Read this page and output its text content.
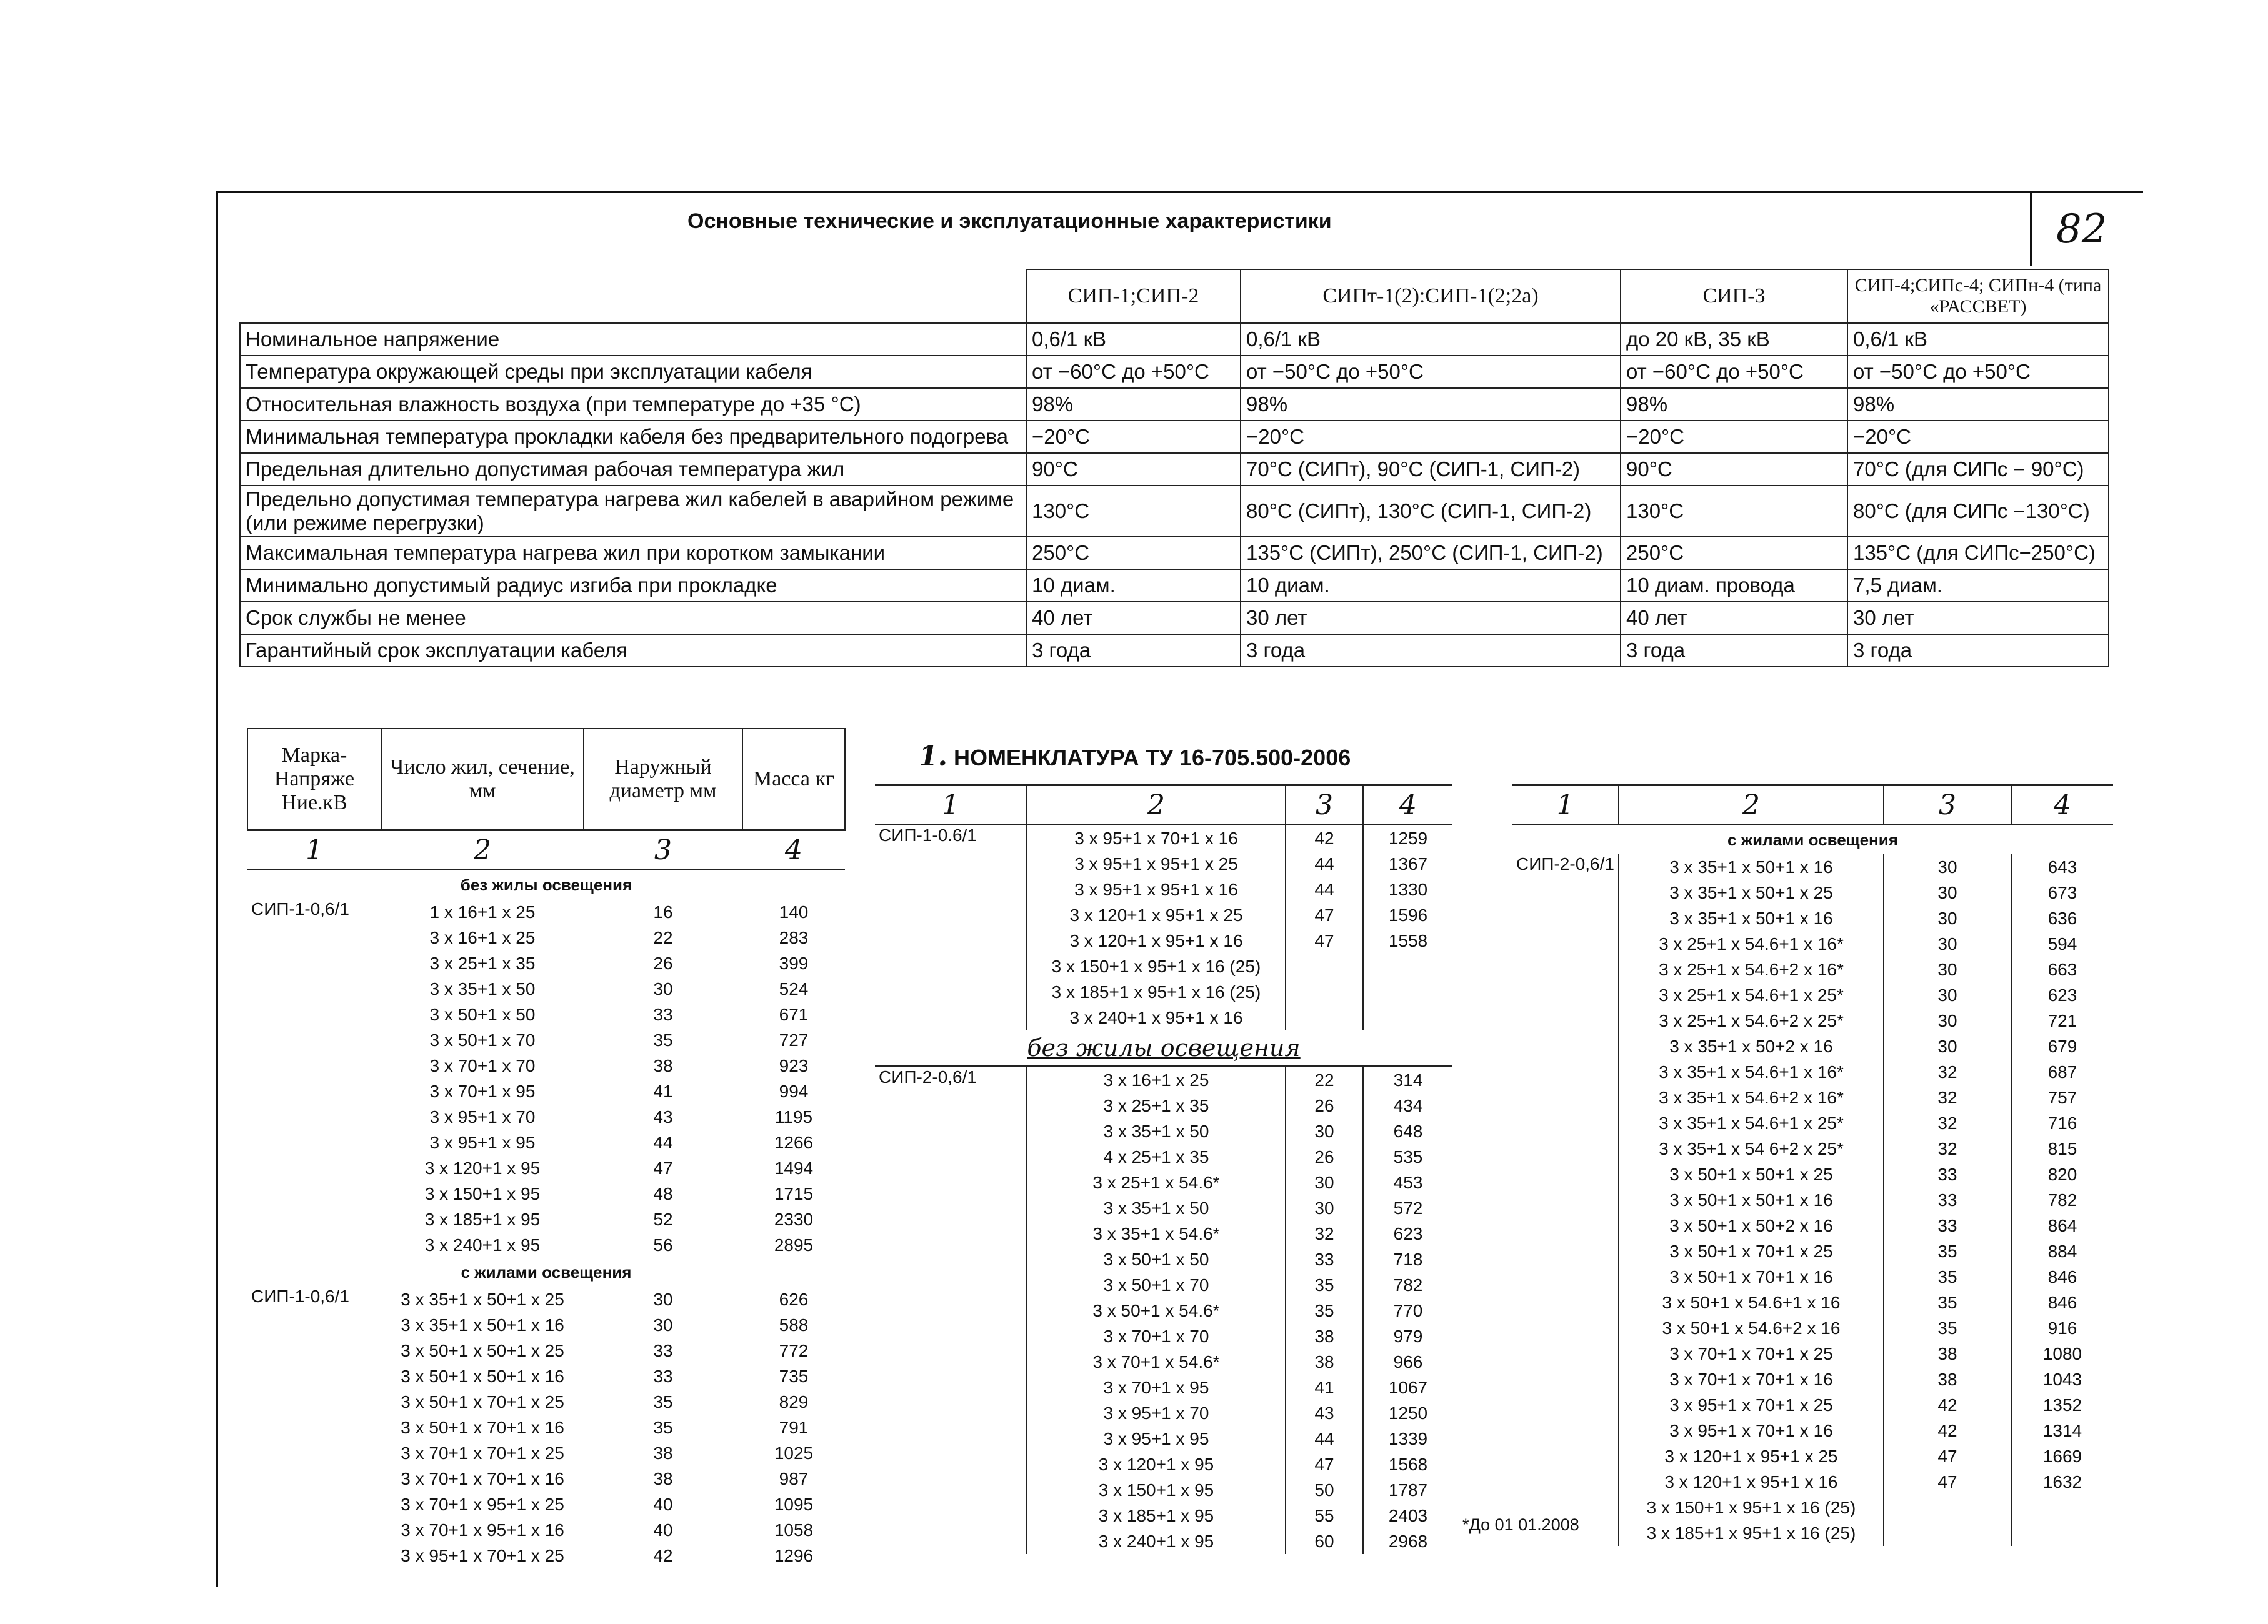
82
Основные технические и эксплуатационные характеристики
	СИП-1;СИП-2	СИПт-1(2):СИП-1(2;2а)	СИП-3	СИП-4;СИПс-4; СИПн-4 (типа «РАССВЕТ)
Номинальное напряжение	0,6/1 кВ	0,6/1 кВ	до 20 кВ, 35 кВ	0,6/1 кВ
Температура окружающей среды при эксплуатации кабеля	от −60°С до +50°С	от −50°С до +50°С	от −60°С до +50°С	от −50°С до +50°С
Относительная влажность воздуха (при температуре до +35 °С)	98%	98%	98%	98%
Минимальная температура прокладки кабеля без предварительного подогрева	−20°С	−20°С	−20°С	−20°С
Предельная длительно допустимая рабочая температура жил	90°С	70°С (СИПт), 90°С (СИП-1, СИП-2)	90°С	70°С (для СИПс − 90°С)
Предельно допустимая температура нагрева жил кабелей в аварийном режиме (или режиме перегрузки)	130°С	80°С (СИПт), 130°С (СИП-1, СИП-2)	130°С	80°С (для СИПс −130°С)
Максимальная температура нагрева жил при коротком замыкании	250°С	135°С (СИПт), 250°С (СИП-1, СИП-2)	250°С	135°С (для СИПс−250°С)
Минимально допустимый радиус изгиба при прокладке	10 диам.	10 диам.	10 диам. провода	7,5 диам.
Срок службы не менее	40 лет	30 лет	40 лет	30 лет
Гарантийный срок эксплуатации кабеля	3 года	3 года	3 года	3 года
1. НОМЕНКЛАТУРА ТУ 16-705.500-2006
Марка-Напряже Ние.кВ	Число жил, сечение, мм	Наружный диаметр мм	Масса кг
1	2	3	4
без жилы освещения			
СИП-1-0,6/1	1 х 16+1 х 25	16	140
	3 х 16+1 х 25	22	283
	3 х 25+1 х 35	26	399
	3 х 35+1 х 50	30	524
	3 х 50+1 х 50	33	671
	3 х 50+1 х 70	35	727
	3 х 70+1 х 70	38	923
	3 х 70+1 х 95	41	994
	3 х 95+1 х 70	43	1195
	3 х 95+1 х 95	44	1266
	3 х 120+1 х 95	47	1494
	3 х 150+1 х 95	48	1715
	3 х 185+1 х 95	52	2330
	3 х 240+1 х 95	56	2895
с жилами освещения			
СИП-1-0,6/1	3 х 35+1 х 50+1 х 25	30	626
	3 х 35+1 х 50+1 х 16	30	588
	3 х 50+1 х 50+1 х 25	33	772
	3 х 50+1 х 50+1 х 16	33	735
	3 х 50+1 х 70+1 х 25	35	829
	3 х 50+1 х 70+1 х 16	35	791
	3 х 70+1 х 70+1 х 25	38	1025
	3 х 70+1 х 70+1 х 16	38	987
	3 х 70+1 х 95+1 х 25	40	1095
	3 х 70+1 х 95+1 х 16	40	1058
	3 х 95+1 х 70+1 х 25	42	1296
1	2	3	4
СИП-1-0.6/1	3 х 95+1 х 70+1 х 16	42	1259
	3 х 95+1 х 95+1 х 25	44	1367
	3 х 95+1 х 95+1 х 16	44	1330
	3 х 120+1 х 95+1 х 25	47	1596
	3 х 120+1 х 95+1 х 16	47	1558
	3 х 150+1 х 95+1 х 16 (25)		
	3 х 185+1 х 95+1 х 16 (25)		
	3 х 240+1 х 95+1 х 16		
без жилы освещения			
СИП-2-0,6/1	3 х 16+1 х 25	22	314
	3 х 25+1 х 35	26	434
	3 х 35+1 х 50	30	648
	4 х 25+1 х 35	26	535
	3 х 25+1 х 54.6*	30	453
	3 х 35+1 х 50	30	572
	3 х 35+1 х 54.6*	32	623
	3 х 50+1 х 50	33	718
	3 х 50+1 х 70	35	782
	3 х 50+1 х 54.6*	35	770
	3 х 70+1 х 70	38	979
	3 х 70+1 х 54.6*	38	966
	3 х 70+1 х 95	41	1067
	3 х 95+1 х 70	43	1250
	3 х 95+1 х 95	44	1339
	3 х 120+1 х 95	47	1568
	3 х 150+1 х 95	50	1787
	3 х 185+1 х 95	55	2403
	3 х 240+1 х 95	60	2968
1	2	3	4
с жилами освещения			
СИП-2-0,6/1	3 х 35+1 х 50+1 х 16	30	643
	3 х 35+1 х 50+1 х 25	30	673
	3 х 35+1 х 50+1 х 16	30	636
	3 х 25+1 х 54.6+1 х 16*	30	594
	3 х 25+1 х 54.6+2 х 16*	30	663
	3 х 25+1 х 54.6+1 х 25*	30	623
	3 х 25+1 х 54.6+2 х 25*	30	721
	3 х 35+1 х 50+2 х 16	30	679
	3 х 35+1 х 54.6+1 х 16*	32	687
	3 х 35+1 х 54.6+2 х 16*	32	757
	3 х 35+1 х 54.6+1 х 25*	32	716
	3 х 35+1 х 54 6+2 х 25*	32	815
	3 х 50+1 х 50+1 х 25	33	820
	3 х 50+1 х 50+1 х 16	33	782
	3 х 50+1 х 50+2 х 16	33	864
	3 х 50+1 х 70+1 х 25	35	884
	3 х 50+1 х 70+1 х 16	35	846
	3 х 50+1 х 54.6+1 х 16	35	846
	3 х 50+1 х 54.6+2 х 16	35	916
	3 х 70+1 х 70+1 х 25	38	1080
	3 х 70+1 х 70+1 х 16	38	1043
	3 х 95+1 х 70+1 х 25	42	1352
	3 х 95+1 х 70+1 х 16	42	1314
	3 х 120+1 х 95+1 х 25	47	1669
	3 х 120+1 х 95+1 х 16	47	1632
	3 х 150+1 х 95+1 х 16 (25)		
	3 х 185+1 х 95+1 х 16 (25)		
*До 01 01.2008
